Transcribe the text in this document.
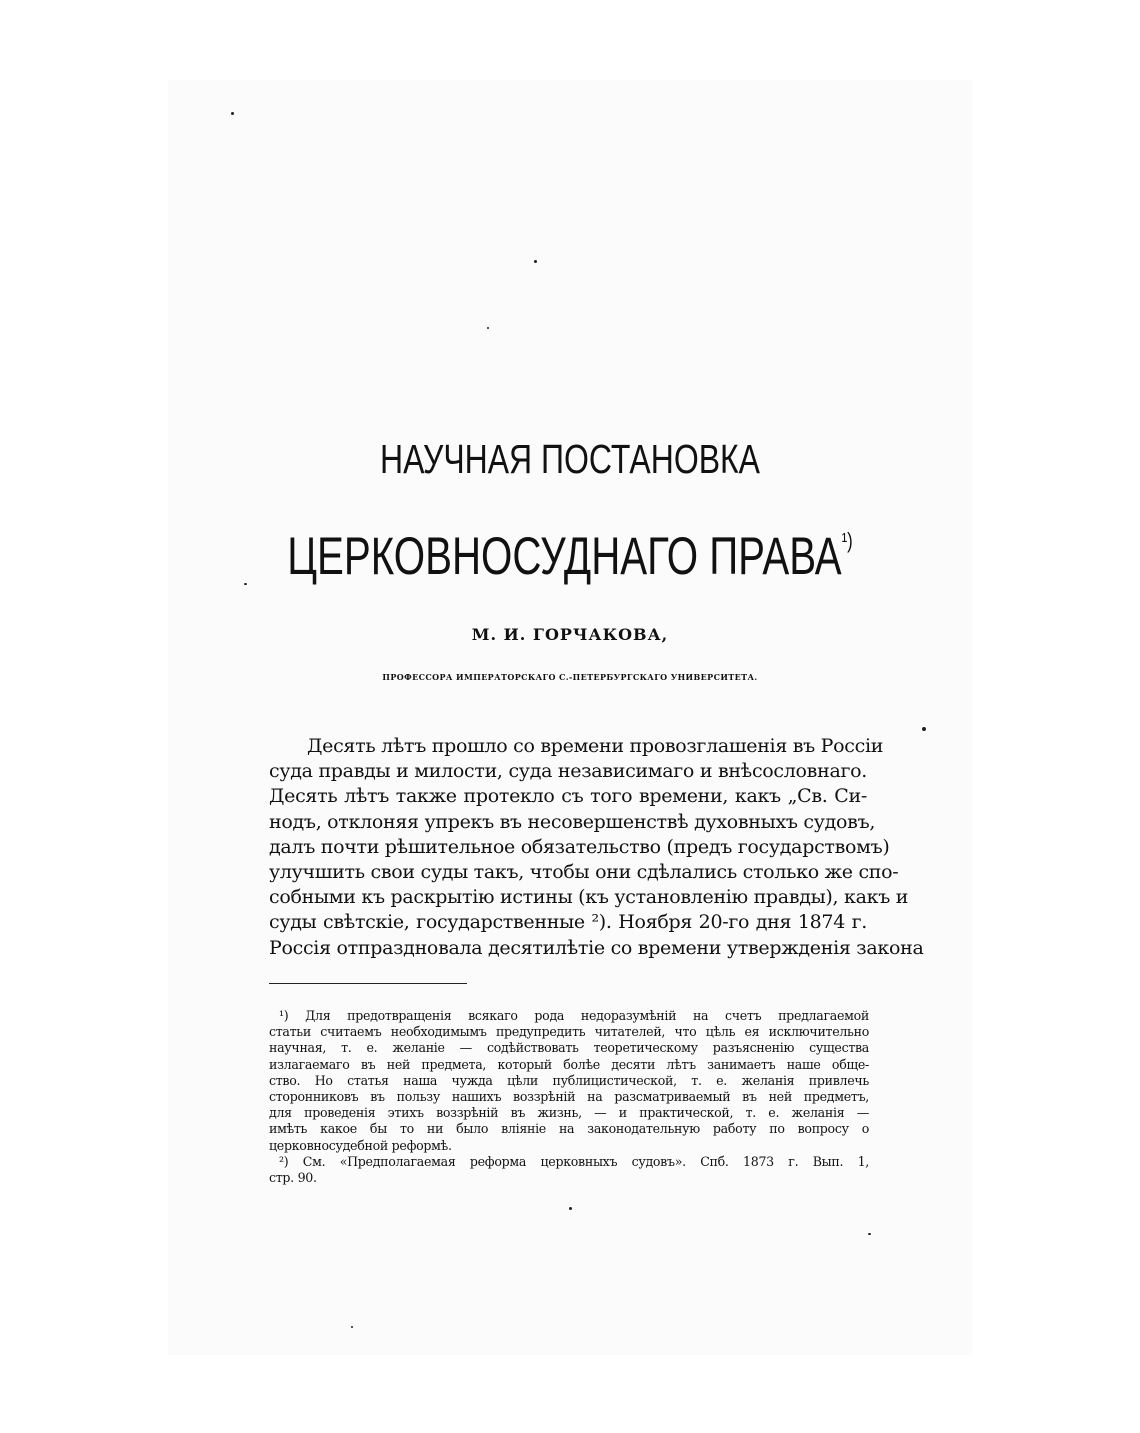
НАУЧНАЯ ПОСТАНОВКА
ЦЕРКОВНОСУДНАГО $ПРАВА^{^1)}$
М. И. ГОРЧАКОВА,
ПРОФЕССОРА ИМПЕРАТОРСКАГО С.-ПЕТЕРБУРГСКАГО УНИВЕРСИТЕТА.
Десять лѣтъ прошло со времени провозглашенія въ Россіи
суда правды и милости, суда независимаго и внѣсословнаго.
Десять лѣтъ также протекло съ того времени, какъ „Св. Си-
нодъ, отклоняя упрекъ въ несовершенствѣ духовныхъ судовъ,
далъ почти рѣшительное обязательство (предъ государствомъ)
улучшить свои суды такъ, чтобы они сдѣлались столько же спо-
собными къ раскрытію истины (къ установленію правды), какъ и
суды свѣтскіе, государственные ²). Ноября 20-го дня 1874 г.
Россія отпраздновала десятилѣтіе со времени утвержденія закона
¹) Для предотвращенія всякаго рода недоразумѣній на счетъ предлагаемой
статьи считаемъ необходимымъ предупредить читателей, что цѣль ея исключительно
научная, т. е. желаніе — содѣйствовать теоретическому разъясненію существа
излагаемаго въ ней предмета, который болѣе десяти лѣтъ занимаетъ наше обще-
ство. Но статья наша чужда цѣли публицистической, т. е. желанія привлечь
сторонниковъ въ пользу нашихъ воззрѣній на разсматриваемый въ ней предметъ,
для проведенія этихъ воззрѣній въ жизнь, — и практической, т. е. желанія —
имѣть какое бы то ни было вліяніе на законодательную работу по вопросу о
церковносудебной реформѣ.
²) См. «Предполагаемая реформа церковныхъ судовъ». Спб. 1873 г. Вып. 1,
стр. 90.
